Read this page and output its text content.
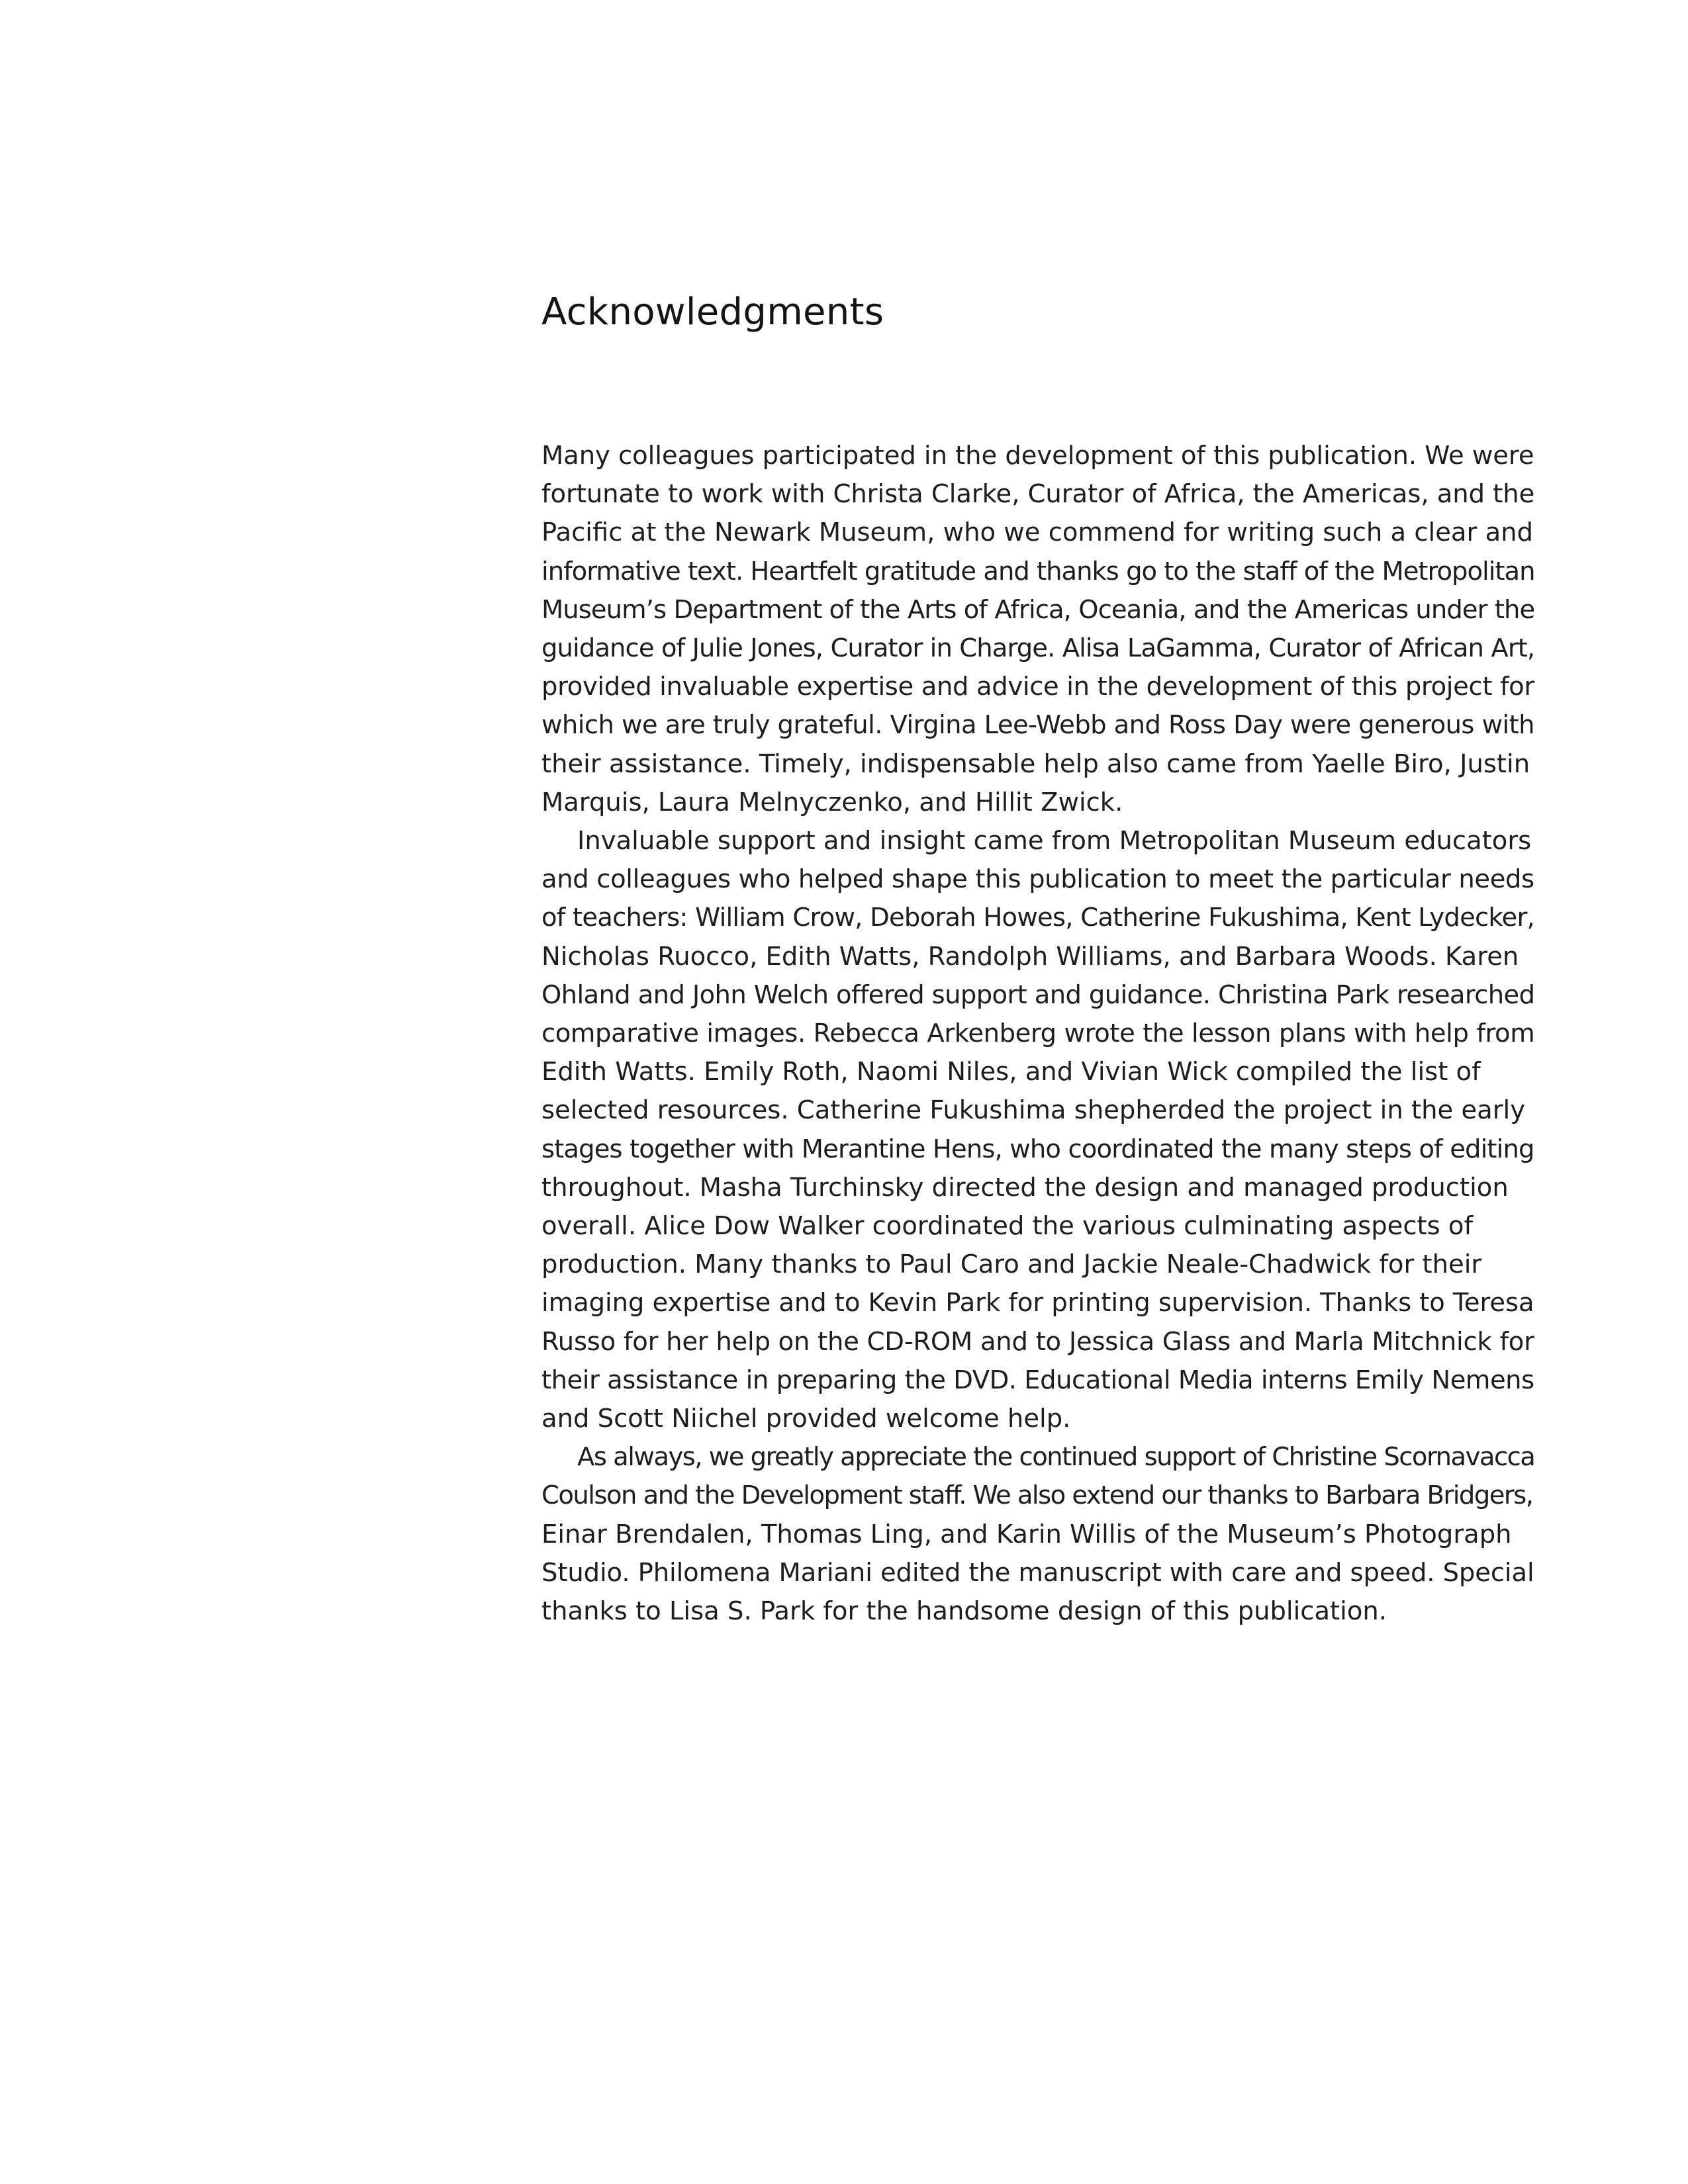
Acknowledgments
Many colleagues participated in the development of this publication. We were
fortunate to work with Christa Clarke, Curator of Africa, the Americas, and the
Pacific at the Newark Museum, who we commend for writing such a clear and
informative text. Heartfelt gratitude and thanks go to the staff of the Metropolitan
Museum’s Department of the Arts of Africa, Oceania, and the Americas under the
guidance of Julie Jones, Curator in Charge. Alisa LaGamma, Curator of African Art,
provided invaluable expertise and advice in the development of this project for
which we are truly grateful. Virgina Lee-Webb and Ross Day were generous with
their assistance. Timely, indispensable help also came from Yaelle Biro, Justin
Marquis, Laura Melnyczenko, and Hillit Zwick.
Invaluable support and insight came from Metropolitan Museum educators
and colleagues who helped shape this publication to meet the particular needs
of teachers: William Crow, Deborah Howes, Catherine Fukushima, Kent Lydecker,
Nicholas Ruocco, Edith Watts, Randolph Williams, and Barbara Woods. Karen
Ohland and John Welch offered support and guidance. Christina Park researched
comparative images. Rebecca Arkenberg wrote the lesson plans with help from
Edith Watts. Emily Roth, Naomi Niles, and Vivian Wick compiled the list of
selected resources. Catherine Fukushima shepherded the project in the early
stages together with Merantine Hens, who coordinated the many steps of editing
throughout. Masha Turchinsky directed the design and managed production
overall. Alice Dow Walker coordinated the various culminating aspects of
production. Many thanks to Paul Caro and Jackie Neale-Chadwick for their
imaging expertise and to Kevin Park for printing supervision. Thanks to Teresa
Russo for her help on the CD-ROM and to Jessica Glass and Marla Mitchnick for
their assistance in preparing the DVD. Educational Media interns Emily Nemens
and Scott Niichel provided welcome help.
As always, we greatly appreciate the continued support of Christine Scornavacca
Coulson and the Development staff. We also extend our thanks to Barbara Bridgers,
Einar Brendalen, Thomas Ling, and Karin Willis of the Museum’s Photograph
Studio. Philomena Mariani edited the manuscript with care and speed. Special
thanks to Lisa S. Park for the handsome design of this publication.
